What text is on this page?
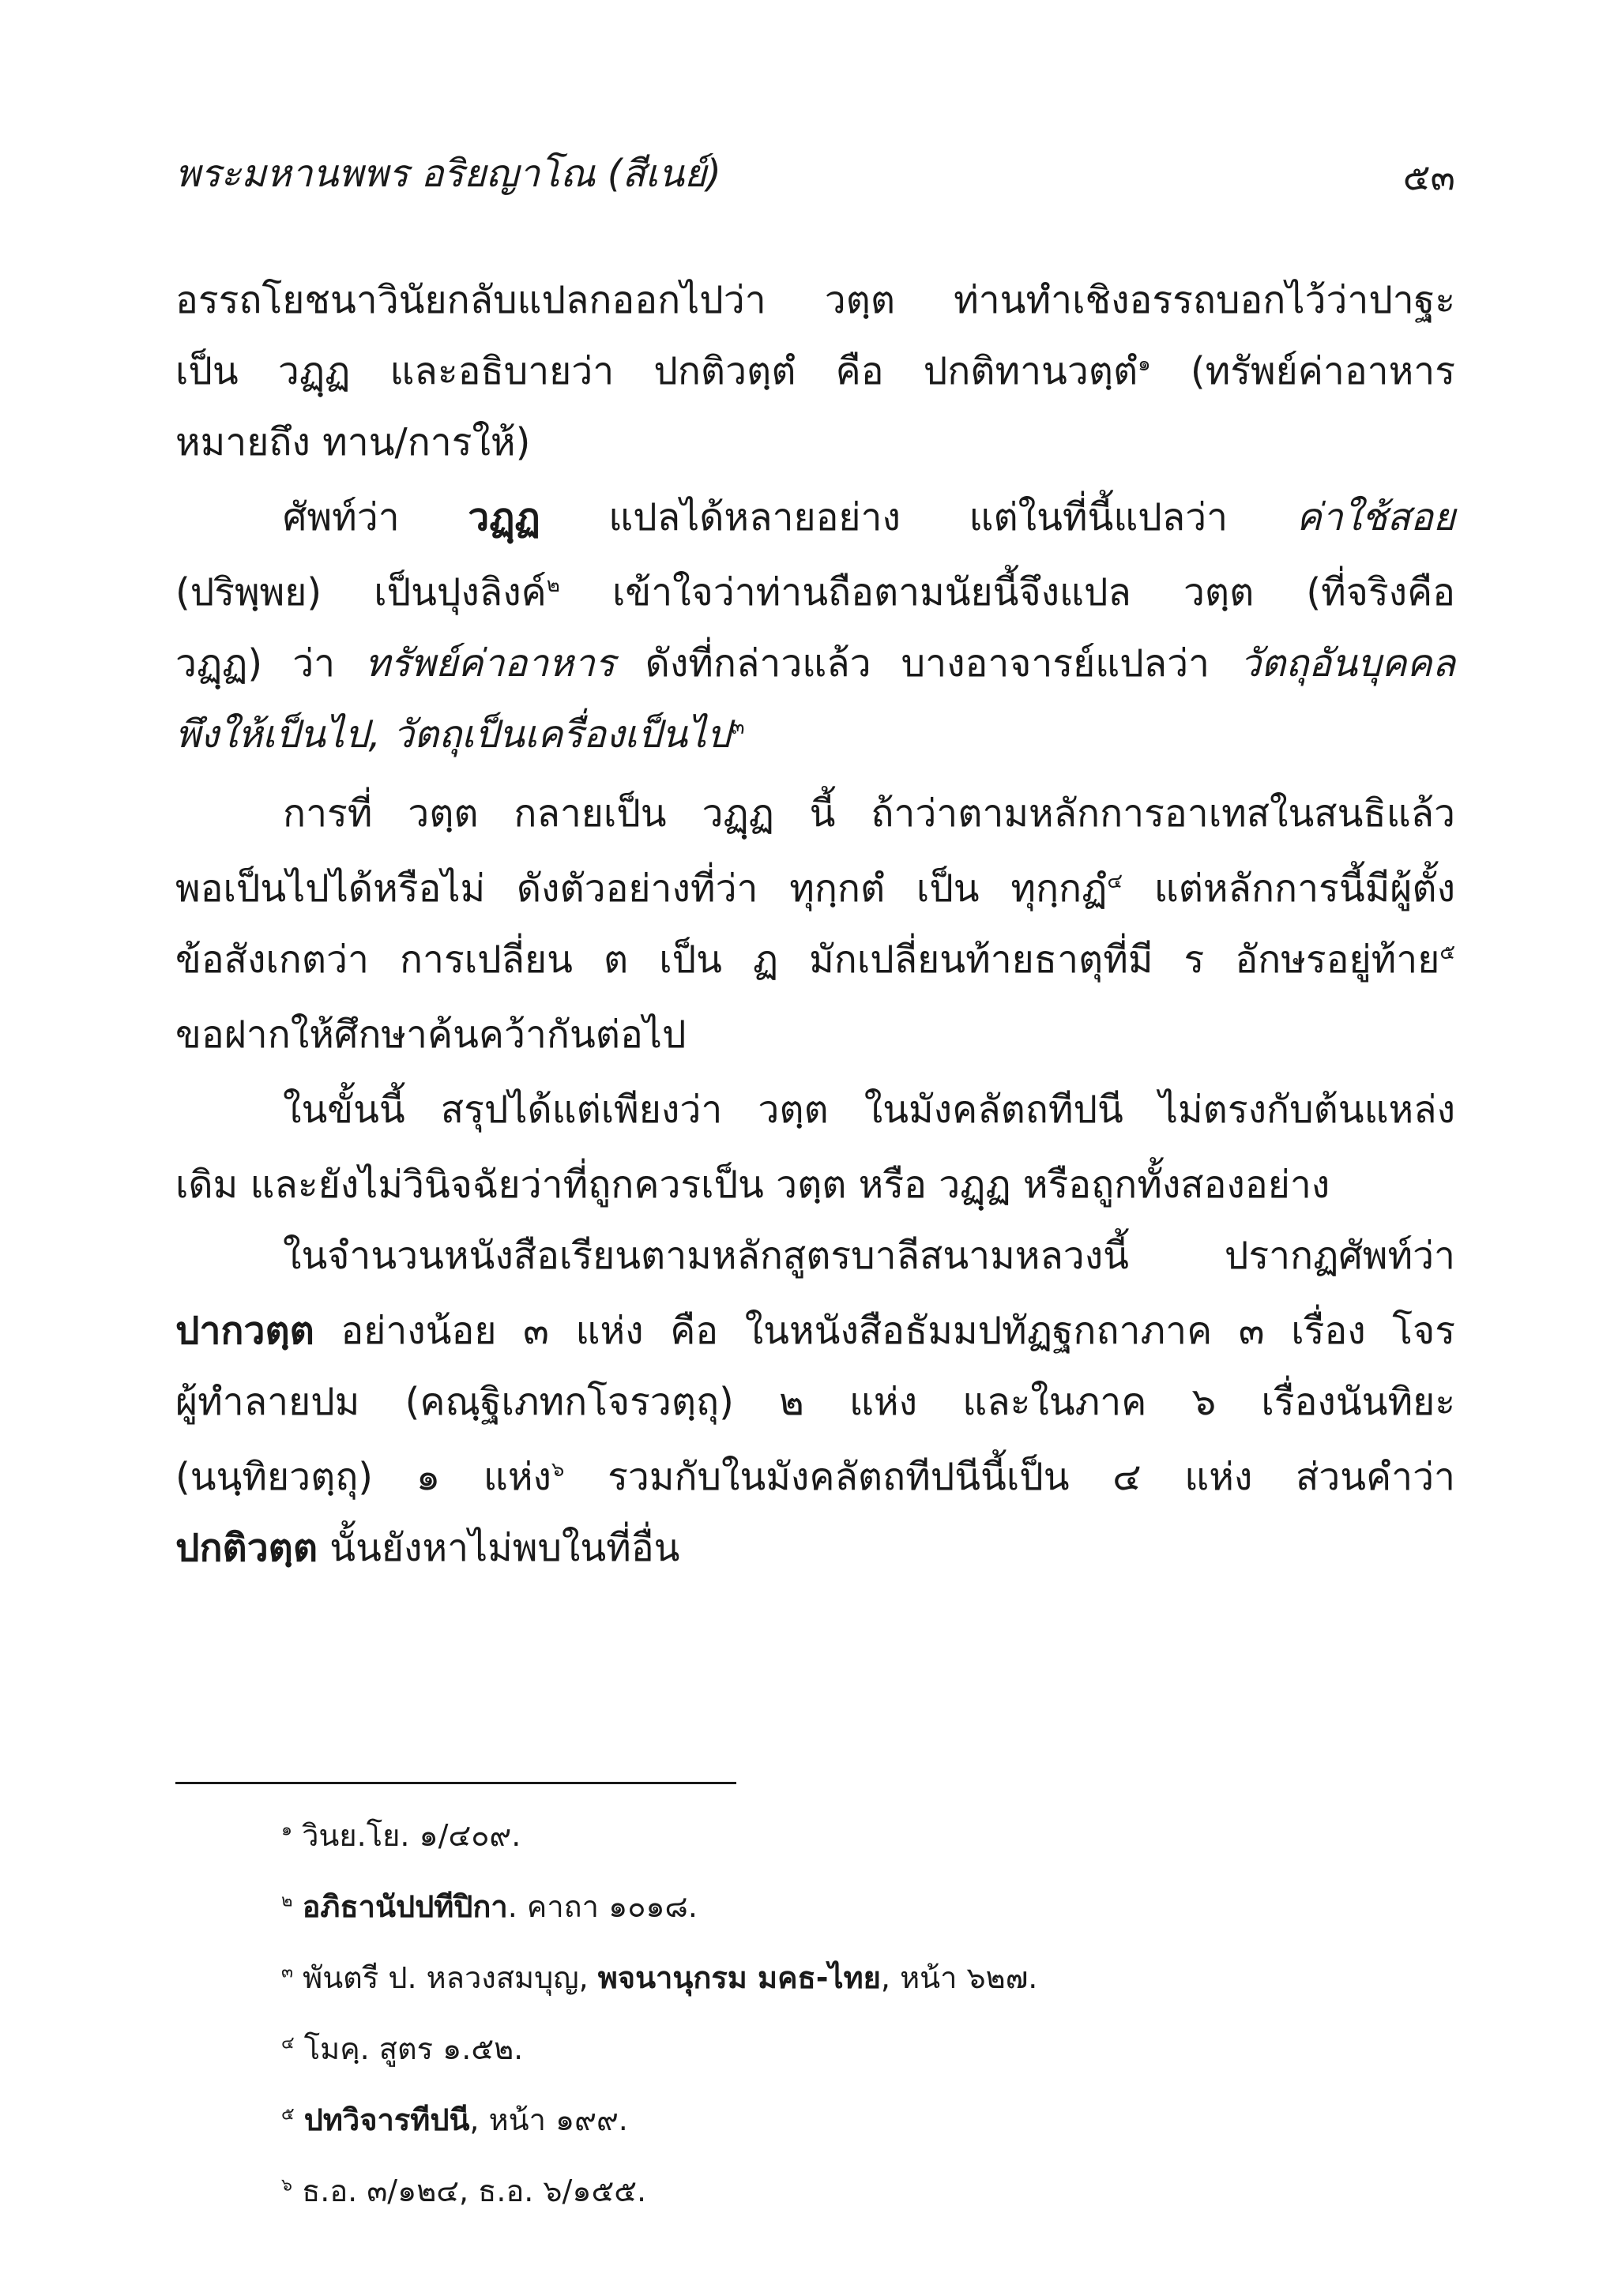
พระมหานพพร อริยญาโณ (สีเนย์)	๕๓
อรรถโยชนาวินัยกลับแปลกออกไปว่า วตฺต ท่านทำเชิงอรรถบอกไว้ว่าปาฐะ
เป็น วฏฺฏ และอธิบายว่า ปกติวตฺตํ คือ ปกติทานวตฺตํ$^๑$ (ทรัพย์ค่าอาหาร
หมายถึง ทาน/การให้)
ศัพท์ว่า วฏฺฏ แปลได้หลายอย่าง แต่ในที่นี้แปลว่า ค่าใช้สอย
(ปริพฺพย) เป็นปุงลิงค์$^๒$ เข้าใจว่าท่านถือตามนัยนี้จึงแปล วตฺต (ที่จริงคือ
วฏฺฏ) ว่า ทรัพย์ค่าอาหาร ดังที่กล่าวแล้ว บางอาจารย์แปลว่า วัตถุอันบุคคล
พึงให้เป็นไป, วัตถุเป็นเครื่องเป็นไป$^๓$
การที่ วตฺต กลายเป็น วฏฺฏ นี้ ถ้าว่าตามหลักการอาเทสในสนธิแล้ว
พอเป็นไปได้หรือไม่ ดังตัวอย่างที่ว่า ทุกฺกตํ เป็น ทุกฺกฏํ$^๔$ แต่หลักการนี้มีผู้ตั้ง
ข้อสังเกตว่า การเปลี่ยน ต เป็น ฏ มักเปลี่ยนท้ายธาตุที่มี ร อักษรอยู่ท้าย$^๕$
ขอฝากให้ศึกษาค้นคว้ากันต่อไป
ในขั้นนี้ สรุปได้แต่เพียงว่า วตฺต ในมังคลัตถทีปนี ไม่ตรงกับต้นแหล่ง
เดิม และยังไม่วินิจฉัยว่าที่ถูกควรเป็น วตฺต หรือ วฏฺฏ หรือถูกทั้งสองอย่าง
ในจำนวนหนังสือเรียนตามหลักสูตรบาลีสนามหลวงนี้ ปรากฏศัพท์ว่า
ปากวตฺต อย่างน้อย ๓ แห่ง คือ ในหนังสือธัมมปทัฏฐกถาภาค ๓ เรื่อง โจร
ผู้ทำลายปม (คณฺฐิเภทกโจรวตฺถุ) ๒ แห่ง และในภาค ๖ เรื่องนันทิยะ
(นนฺทิยวตฺถุ) ๑ แห่ง$^๖$ รวมกับในมังคลัตถทีปนีนี้เป็น ๔ แห่ง ส่วนคำว่า
ปกติวตฺต นั้นยังหาไม่พบในที่อื่น
$^๑$ วินย.โย. ๑/๔๐๙.
$^๒$ อภิธานัปปทีปิกา. คาถา ๑๐๑๘.
$^๓$ พันตรี ป. หลวงสมบุญ, พจนานุกรม มคธ-ไทย, หน้า ๖๒๗.
$^๔$ โมคฺ. สูตร ๑.๕๒.
$^๕$ ปทวิจารทีปนี, หน้า ๑๙๙.
$^๖$ ธ.อ. ๓/๑๒๔, ธ.อ. ๖/๑๕๕.
